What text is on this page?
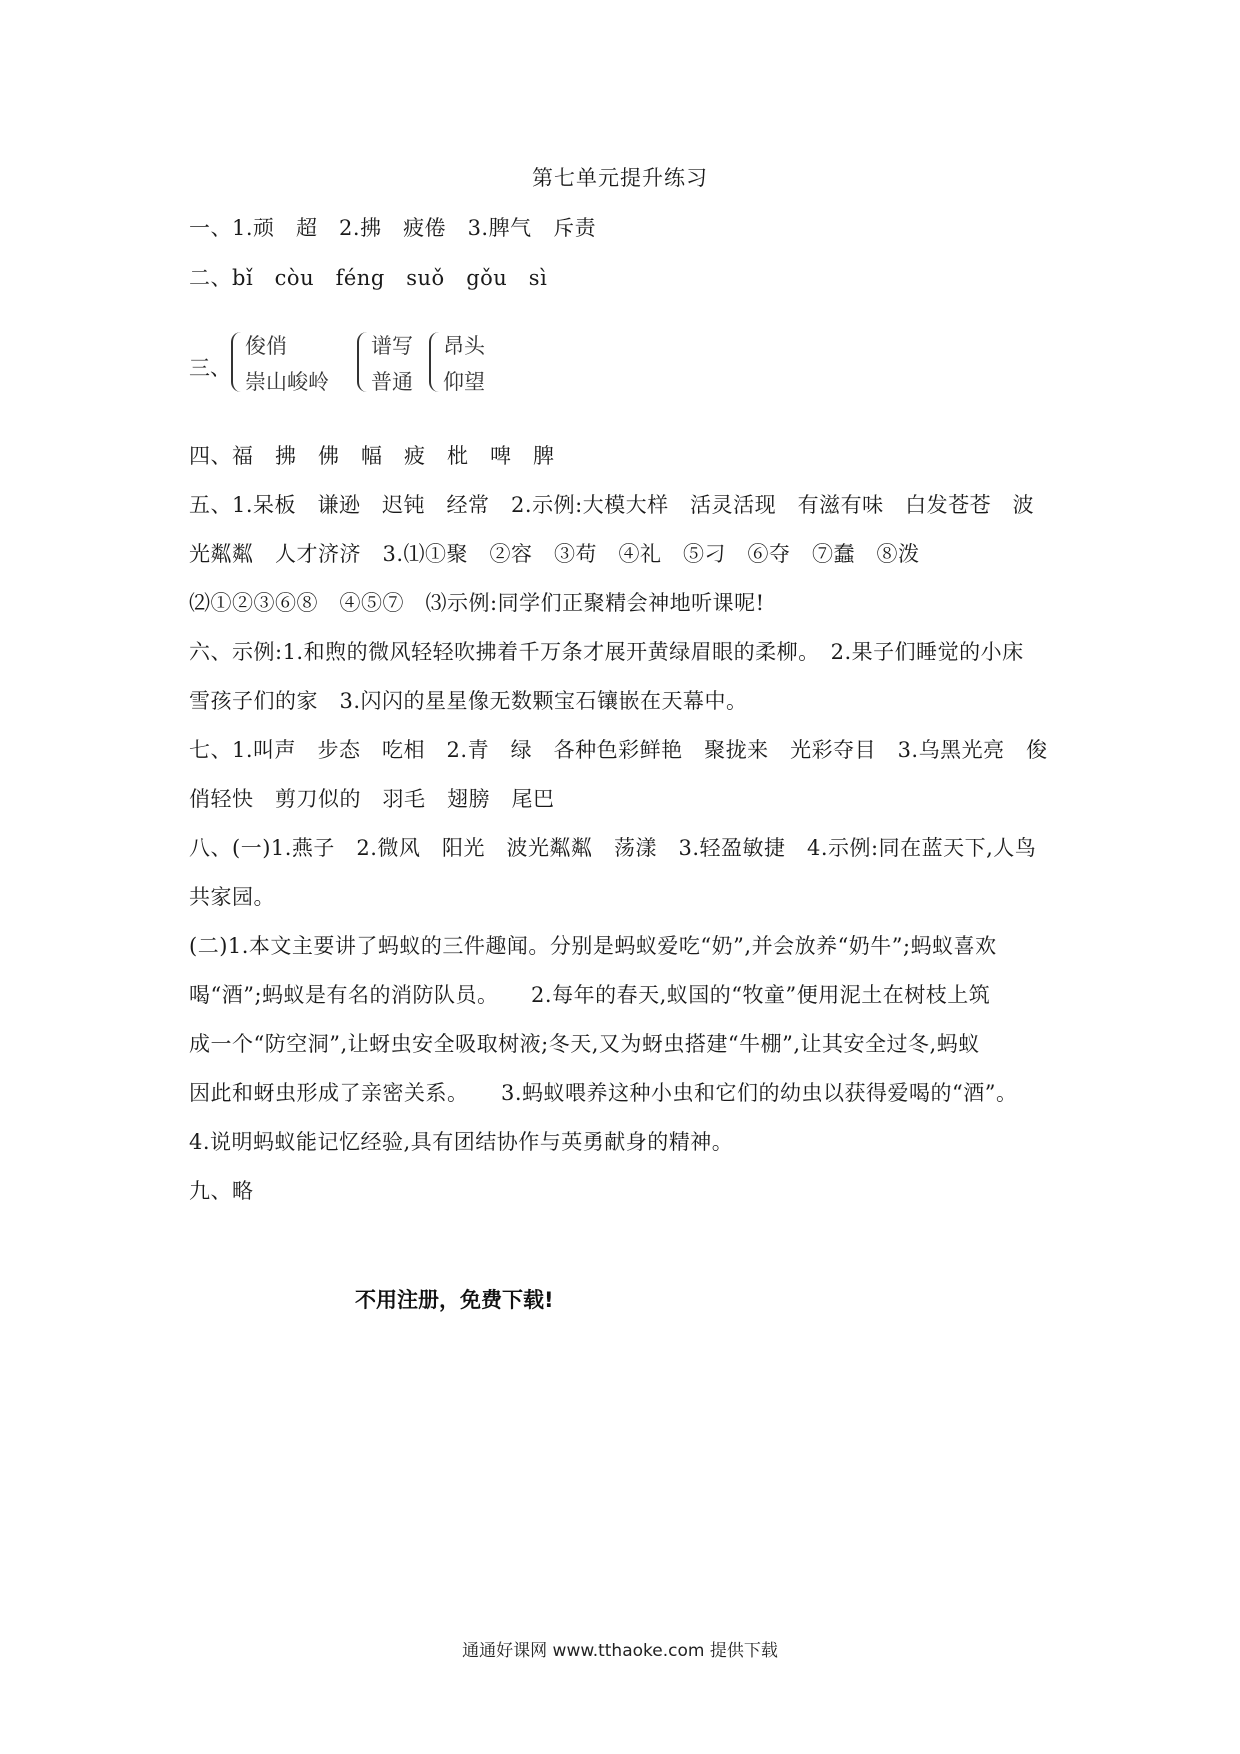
第七单元提升练习
一、1.顽　超　2.拂　疲倦　3.脾气　斥责
二、bǐ　còu　féng　suǒ　gǒu　sì
三、
俊俏
崇山峻岭
谱写
普通
昂头
仰望
四、福　拂　佛　幅　疲　枇　啤　脾
五、1.呆板　谦逊　迟钝　经常　2.示例:大模大样　活灵活现　有滋有味　白发苍苍　波
光粼粼　人才济济　3.⑴①聚　②容　③苟　④礼　⑤刁　⑥夺　⑦蠢　⑧泼
⑵①②③⑥⑧　④⑤⑦　⑶示例:同学们正聚精会神地听课呢!
六、示例:1.和煦的微风轻轻吹拂着千万条才展开黄绿眉眼的柔柳。　2.果子们睡觉的小床
雪孩子们的家　3.闪闪的星星像无数颗宝石镶嵌在天幕中。
七、1.叫声　步态　吃相　2.青　绿　各种色彩鲜艳　聚拢来　光彩夺目　3.乌黑光亮　俊
俏轻快　剪刀似的　羽毛　翅膀　尾巴
八、(一)1.燕子　2.微风　阳光　波光粼粼　荡漾　3.轻盈敏捷　4.示例:同在蓝天下,人鸟
共家园。
(二)1.本文主要讲了蚂蚁的三件趣闻。分别是蚂蚁爱吃“奶”,并会放养“奶牛”;蚂蚁喜欢
喝“酒”;蚂蚁是有名的消防队员。　　2.每年的春天,蚁国的“牧童”便用泥土在树枝上筑
成一个“防空洞”,让蚜虫安全吸取树液;冬天,又为蚜虫搭建“牛棚”,让其安全过冬,蚂蚁
因此和蚜虫形成了亲密关系。　　3.蚂蚁喂养这种小虫和它们的幼虫以获得爱喝的“酒”。
4.说明蚂蚁能记忆经验,具有团结协作与英勇献身的精神。
九、略
不用注册，免费下载!
通通好课网 www.tthaoke.com 提供下载
